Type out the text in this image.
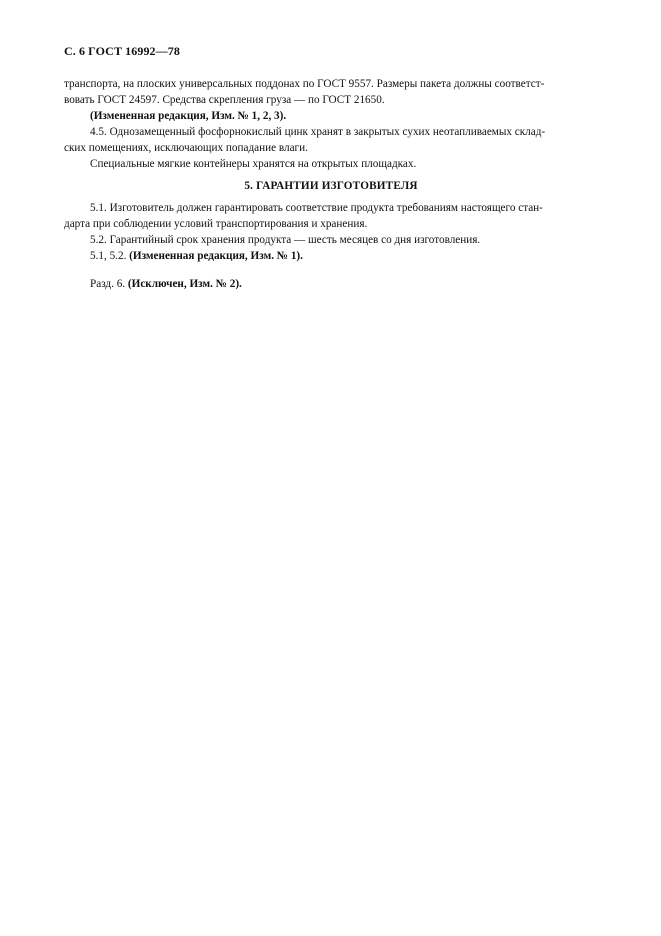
С. 6 ГОСТ 16992—78
транспорта, на плоских универсальных поддонах по ГОСТ 9557. Размеры пакета должны соответст-
вовать ГОСТ 24597. Средства скрепления груза — по ГОСТ 21650.
(Измененная редакция, Изм. № 1, 2, 3).
4.5. Однозамещенный фосфорнокислый цинк хранят в закрытых сухих неотапливаемых склад-
ских помещениях, исключающих попадание влаги.
Специальные мягкие контейнеры хранятся на открытых площадках.
5. ГАРАНТИИ ИЗГОТОВИТЕЛЯ
5.1. Изготовитель должен гарантировать соответствие продукта требованиям настоящего стан-
дарта при соблюдении условий транспортирования и хранения.
5.2. Гарантийный срок хранения продукта — шесть месяцев со дня изготовления.
5.1, 5.2. (Измененная редакция, Изм. № 1).
Разд. 6. (Исключен, Изм. № 2).
